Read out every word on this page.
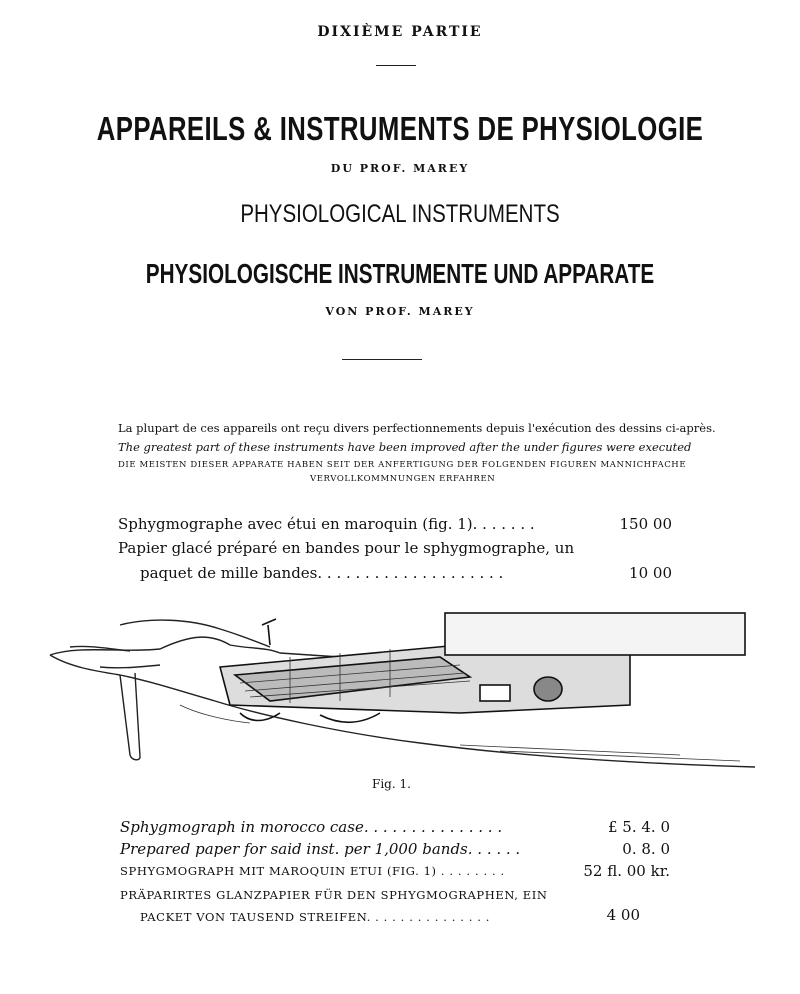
DIXIÈME PARTIE
APPAREILS & INSTRUMENTS DE PHYSIOLOGIE
DU PROF. MAREY
PHYSIOLOGICAL INSTRUMENTS
PHYSIOLOGISCHE INSTRUMENTE UND APPARATE
VON PROF. MAREY
La plupart de ces appareils ont reçu divers perfectionnements depuis l'exécution des dessins ci-après.
The greatest part of these instruments have been improved after the under figures were executed
DIE MEISTEN DIESER APPARATE HABEN SEIT DER ANFERTIGUNG DER FOLGENDEN FIGUREN MANNICHFACHE
VERVOLLKOMMNUNGEN ERFAHREN
Sphygmographe avec étui en maroquin (fig. 1). . . . . . .	150 00
Papier glacé préparé en bandes pour le sphygmographe, un
paquet de mille bandes. . . . . . . . . . . . . . . . . . . .	10 00
Fig. 1.
Sphygmograph in morocco case. . . . . . . . . . . . . . .	£ 5. 4. 0
Prepared paper for said inst. per 1,000 bands. . . . . .	0. 8. 0
SPHYGMOGRAPH MIT MAROQUIN ETUI (FIG. 1) . . . . . . . .	52 fl. 00 kr.
PRÄPARIRTES GLANZPAPIER FÜR DEN SPHYGMOGRAPHEN, EIN
PACKET VON TAUSEND STREIFEN. . . . . . . . . . . . . . .	4 00
